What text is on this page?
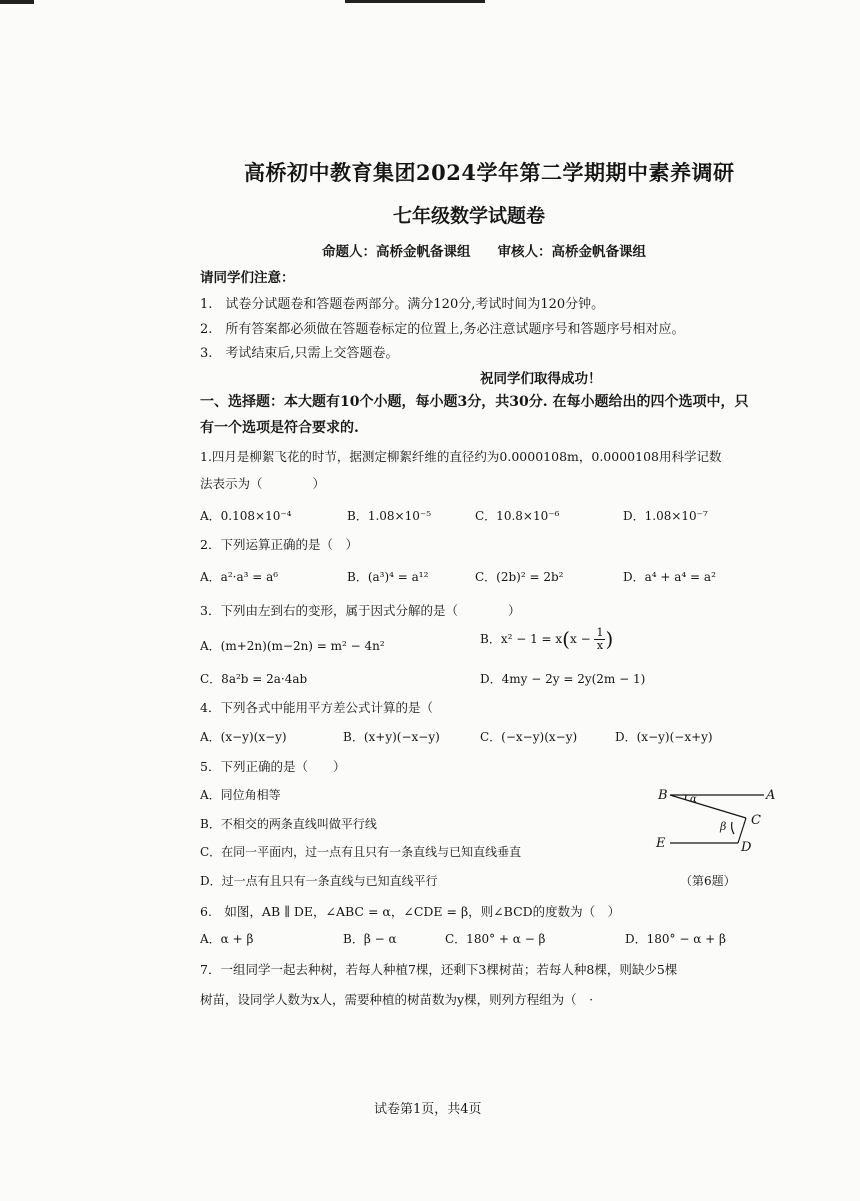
高桥初中教育集团2024学年第二学期期中素养调研
七年级数学试题卷
命题人：高桥金帆备课组　　审核人：高桥金帆备课组
请同学们注意：
1.　试卷分试题卷和答题卷两部分。满分120分,考试时间为120分钟。
2.　所有答案都必须做在答题卷标定的位置上,务必注意试题序号和答题序号相对应。
3.　考试结束后,只需上交答题卷。
祝同学们取得成功！
一、选择题：本大题有10个小题，每小题3分，共30分. 在每小题给出的四个选项中，只
有一个选项是符合要求的.
1.四月是柳絮飞花的时节，据测定柳絮纤维的直径约为0.0000108m，0.0000108用科学记数
法表示为（　　　　）
A．0.108×10⁻⁴	B．1.08×10⁻⁵	C．10.8×10⁻⁶	D．1.08×10⁻⁷
2．下列运算正确的是（　）
A．a²·a³ = a⁶	B．(a³)⁴ = a¹²	C．(2b)² = 2b²	D．a⁴ + a⁴ = a²
3．下列由左到右的变形，属于因式分解的是（　　　　）
A．(m+2n)(m−2n) = m² − 4n²	B．$x^2 - 1 = x(x - \frac{1}{x}$ )
C．8a²b = 2a·4ab	D．4my − 2y = 2y(2m − 1)
4．下列各式中能用平方差公式计算的是（
A．(x−y)(x−y)	B．(x+y)(−x−y)	C．(−x−y)(x−y)	D．(x−y)(−x+y)
5．下列正确的是（　　）
A．同位角相等
B．不相交的两条直线叫做平行线
C．在同一平面内，过一点有且只有一条直线与已知直线垂直
D．过一点有且只有一条直线与已知直线平行
B	A
C
E	D
α
β
（第6题）
6.　如图，AB ∥ DE，∠ABC = α，∠CDE = β，则∠BCD的度数为（　）
A．α + β	B．β − α	C．180° + α − β	D．180° − α + β
7．一组同学一起去种树，若每人种植7棵，还剩下3棵树苗；若每人种8棵，则缺少5棵
树苗，设同学人数为x人，需要种植的树苗数为y棵，则列方程组为（　·
试卷第1页，共4页
